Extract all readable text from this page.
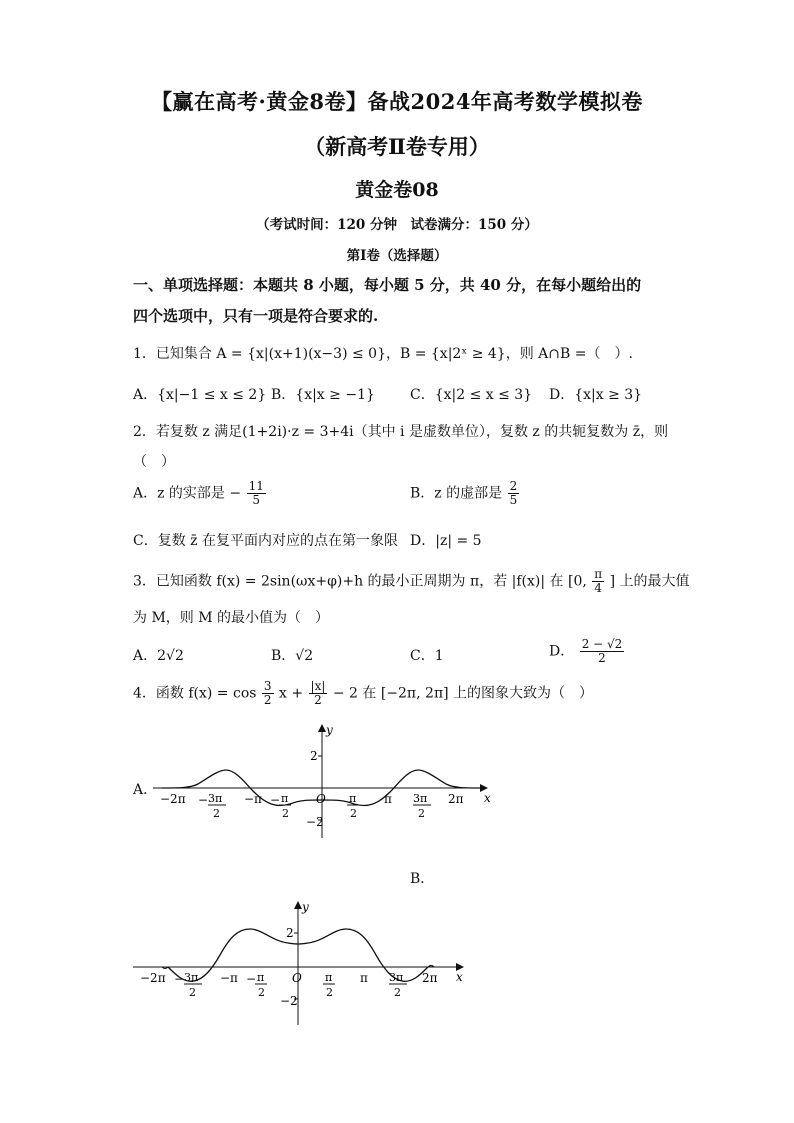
【赢在高考·黄金8卷】备战2024年高考数学模拟卷
（新高考Ⅱ卷专用）
黄金卷08
（考试时间：120 分钟　试卷满分：150 分）
第Ⅰ卷（选择题）
一、单项选择题：本题共 8 小题，每小题 5 分，共 40 分，在每小题给出的
四个选项中，只有一项是符合要求的.
1．已知集合 A = {x|(x+1)(x−3) ≤ 0}，B = {x|2ˣ ≥ 4}，则 A∩B =（　）.
A．{x|−1 ≤ x ≤ 2} B．{x|x ≥ −1}	C．{x|2 ≤ x ≤ 3} D．{x|x ≥ 3}
2．若复数 z 满足(1+2i)·z = 3+4i（其中 i 是虚数单位），复数 z 的共轭复数为 z̄，则
（　）
A．z 的实部是 − $\frac{11}{5}$	B．z 的虚部是 $\frac{2}{5}$
C．复数 z̄ 在复平面内对应的点在第一象限 D．|z| = 5
3．已知函数 f(x) = 2sin(ωx+φ)+h 的最小正周期为 π，若 |f(x)| 在 [0, $\frac{\pi}{4}$ ] 上的最大值
为 M，则 M 的最小值为（　）
A．2√2	B．√2	C．1	D． $\frac{2 - √2}{2}$
4．函数 $f(x) = \cos \frac{3}{2}$ $x + \frac{|x|}{2} - 2$ 在 [−2π, 2π] 上的图象大致为（　）
A．	x
y
2
−2
O
−2π − 3π
2
−π − π
2
π
2
π 3π
2
2π
B．
x
y
2
−2
O
−2π − 3π
2
−π − π
2
π
2
π 3π
2
2π
